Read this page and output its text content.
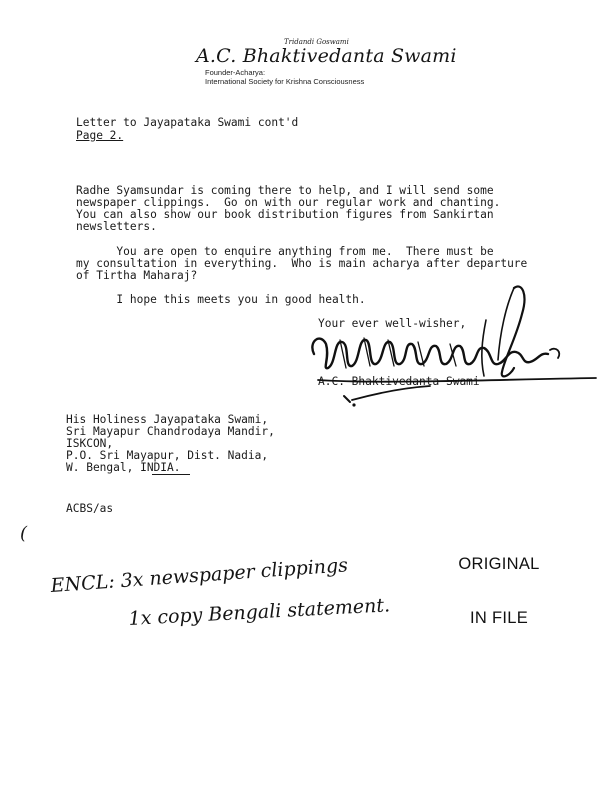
Tridandi Goswami
A.C. Bhaktivedanta Swami
Founder-Acharya:
International Society for Krishna Consciousness
Letter to Jayapataka Swami cont'd
Page 2.
Radhe Syamsundar is coming there to help, and I will send some
newspaper clippings.  Go on with our regular work and chanting.
You can also show our book distribution figures from Sankirtan
newsletters.
You are open to enquire anything from me.  There must be
my consultation in everything.  Who is main acharya after departure
of Tirtha Maharaj?
I hope this meets you in good health.
Your ever well-wisher,
A.C. Bhaktivedanta Swami
His Holiness Jayapataka Swami,
Sri Mayapur Chandrodaya Mandir,
ISKCON,
P.O. Sri Mayapur, Dist. Nadia,
W. Bengal, INDIA.
ACBS/as
(

ORIGINAL

IN FILE

ENCL: 3x newspaper clippings
1x copy Bengali statement.
